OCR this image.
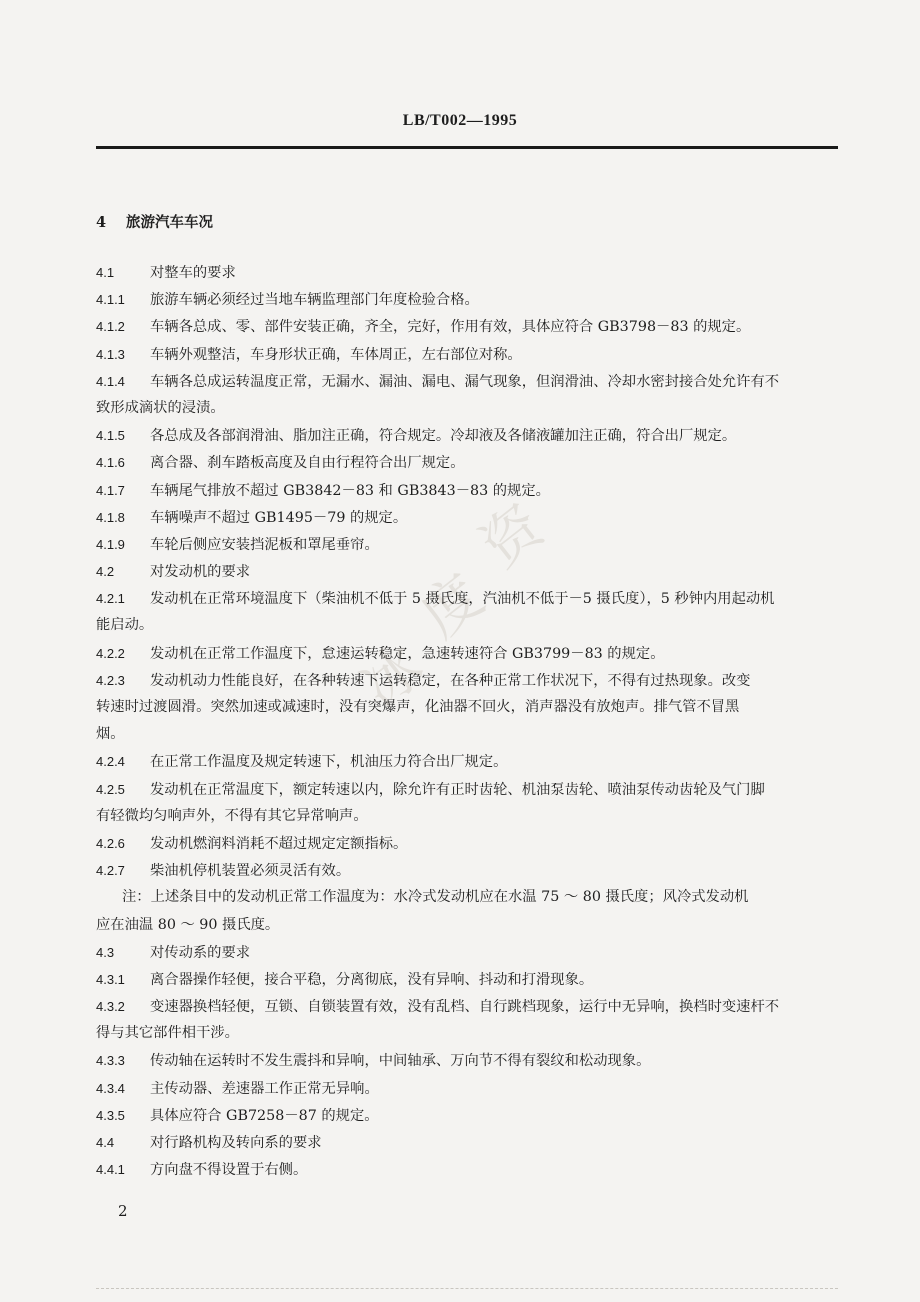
资
度
冰
LB/T002—1995
4 旅游汽车车况
4.1	对整车的要求
4.1.1 旅游车辆必须经过当地车辆监理部门年度检验合格。
4.1.2 车辆各总成、零、部件安装正确，齐全，完好，作用有效，具体应符合 GB3798－83 的规定。
4.1.3 车辆外观整洁，车身形状正确，车体周正，左右部位对称。
4.1.4 车辆各总成运转温度正常，无漏水、漏油、漏电、漏气现象，但润滑油、冷却水密封接合处允许有不
致形成滴状的浸渍。
4.1.5 各总成及各部润滑油、脂加注正确，符合规定。冷却液及各储液罐加注正确，符合出厂规定。
4.1.6 离合器、刹车踏板高度及自由行程符合出厂规定。
4.1.7 车辆尾气排放不超过 GB3842－83 和 GB3843－83 的规定。
4.1.8 车辆噪声不超过 GB1495－79 的规定。
4.1.9 车轮后侧应安装挡泥板和罩尾垂帘。
4.2	对发动机的要求
4.2.1 发动机在正常环境温度下（柴油机不低于 5 摄氏度，汽油机不低于－5 摄氏度），5 秒钟内用起动机
能启动。
4.2.2 发动机在正常工作温度下，怠速运转稳定，急速转速符合 GB3799－83 的规定。
4.2.3 发动机动力性能良好，在各种转速下运转稳定，在各种正常工作状况下，不得有过热现象。改变
转速时过渡圆滑。突然加速或减速时，没有突爆声，化油器不回火，消声器没有放炮声。排气管不冒黑
烟。
4.2.4 在正常工作温度及规定转速下，机油压力符合出厂规定。
4.2.5 发动机在正常温度下，额定转速以内，除允许有正时齿轮、机油泵齿轮、喷油泵传动齿轮及气门脚
有轻微均匀响声外，不得有其它异常响声。
4.2.6 发动机燃润料消耗不超过规定定额指标。
4.2.7 柴油机停机装置必须灵活有效。
注：上述条目中的发动机正常工作温度为：水冷式发动机应在水温 75 ～ 80 摄氏度；风冷式发动机
应在油温 80 ～ 90 摄氏度。
4.3	对传动系的要求
4.3.1 离合器操作轻便，接合平稳，分离彻底，没有异响、抖动和打滑现象。
4.3.2 变速器换档轻便，互锁、自锁装置有效，没有乱档、自行跳档现象，运行中无异响，换档时变速杆不
得与其它部件相干涉。
4.3.3 传动轴在运转时不发生震抖和异响，中间轴承、万向节不得有裂纹和松动现象。
4.3.4 主传动器、差速器工作正常无异响。
4.3.5 具体应符合 GB7258－87 的规定。
4.4	对行路机构及转向系的要求
4.4.1 方向盘不得设置于右侧。
2
